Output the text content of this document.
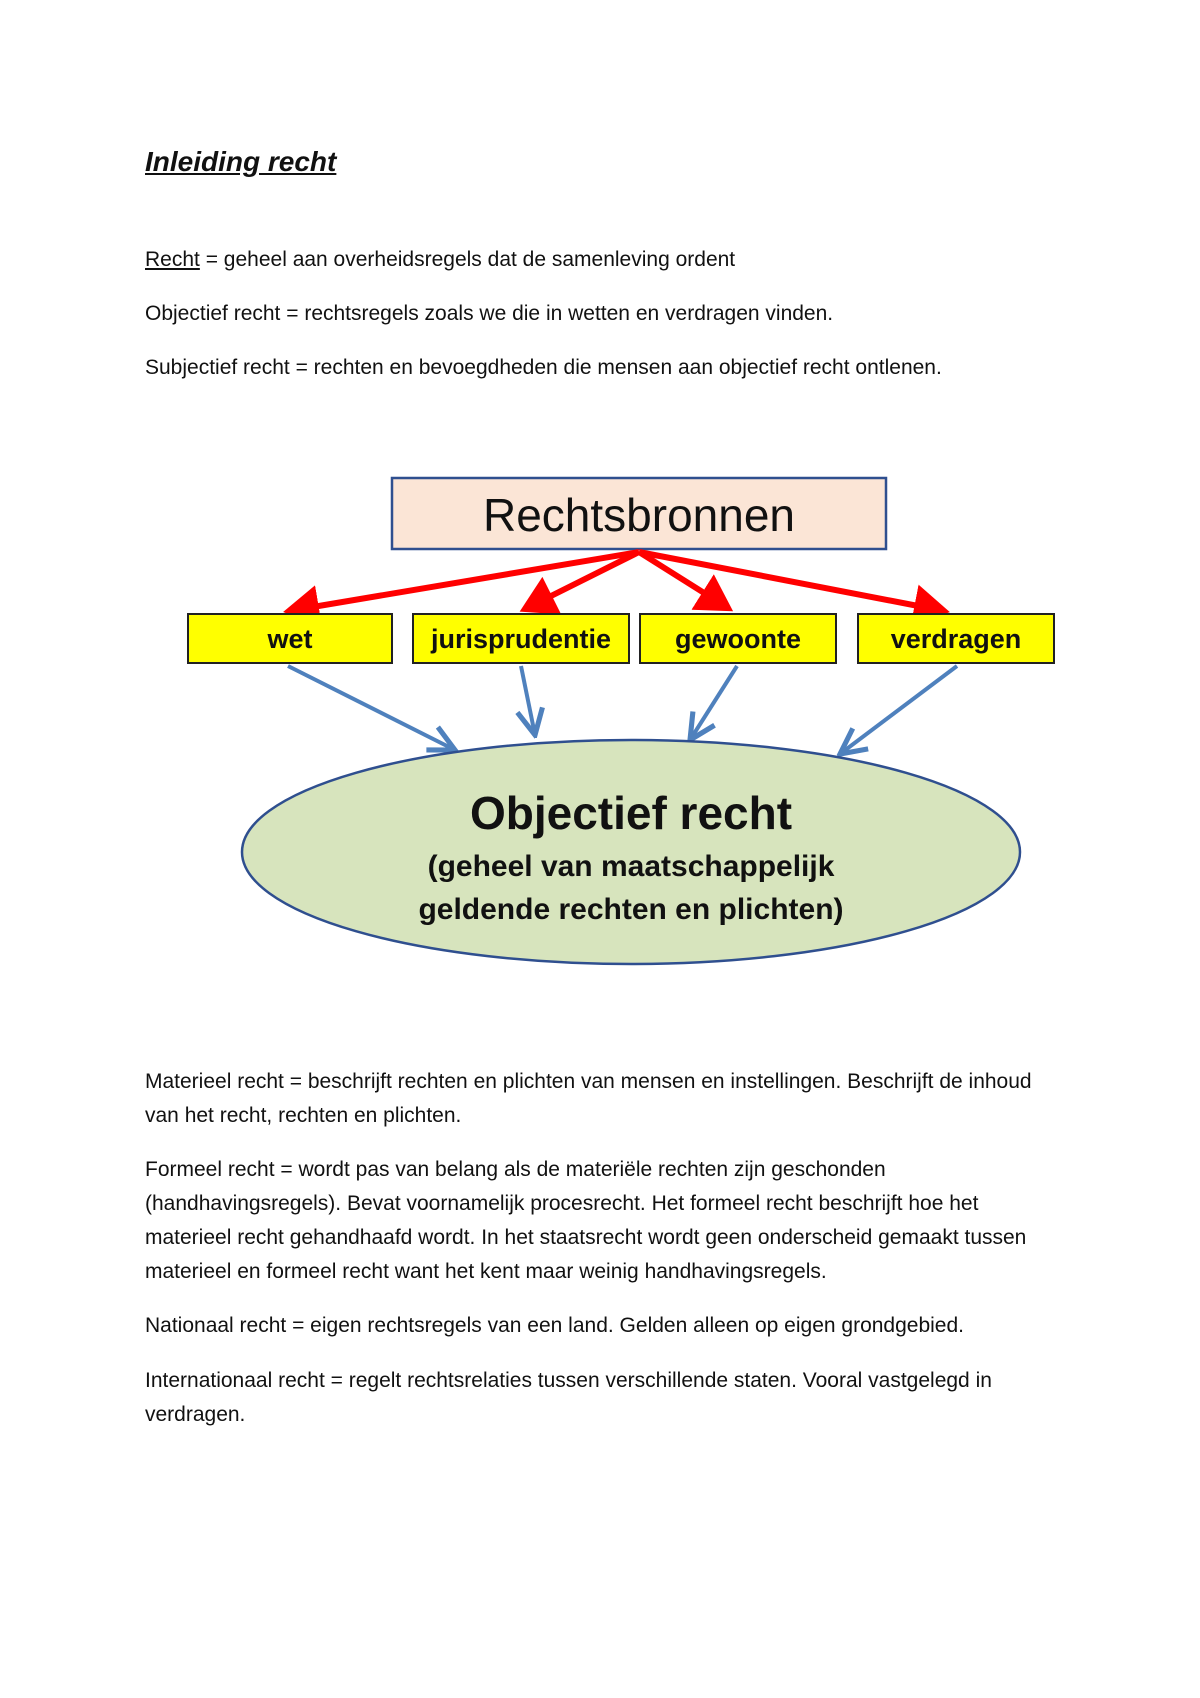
Inleiding recht
Recht = geheel aan overheidsregels dat de samenleving ordent
Objectief recht = rechtsregels zoals we die in wetten en verdragen vinden.
Subjectief recht = rechten en bevoegdheden die mensen aan objectief recht ontlenen.
Rechtsbronnen
wet	jurisprudentie gewoonte	verdragen
Objectief recht
(geheel van maatschappelijk
geldende rechten en plichten)
Materieel recht = beschrijft rechten en plichten van mensen en instellingen. Beschrijft de inhoud van het recht, rechten en plichten.
Formeel recht = wordt pas van belang als de materiële rechten zijn geschonden (handhavingsregels). Bevat voornamelijk procesrecht. Het formeel recht beschrijft hoe het materieel recht gehandhaafd wordt. In het staatsrecht wordt geen onderscheid gemaakt tussen materieel en formeel recht want het kent maar weinig handhavingsregels.
Nationaal recht = eigen rechtsregels van een land. Gelden alleen op eigen grondgebied.
Internationaal recht = regelt rechtsrelaties tussen verschillende staten. Vooral vastgelegd in verdragen.
